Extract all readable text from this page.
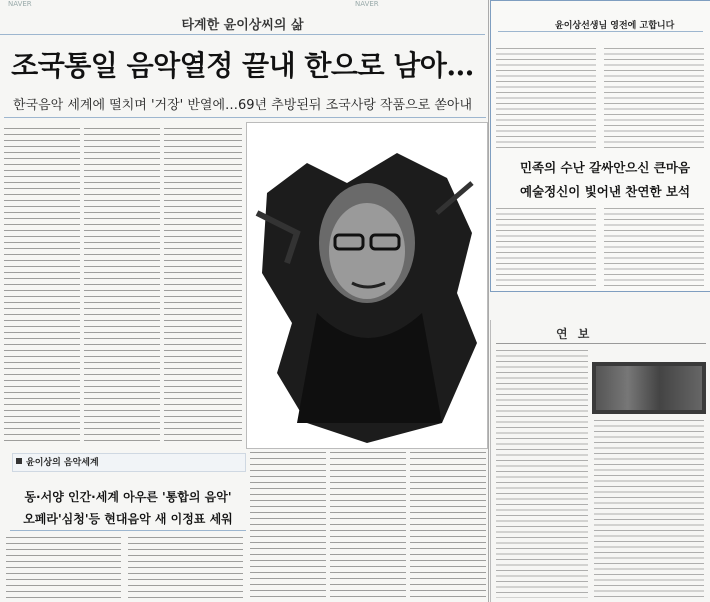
NAVER	NAVER
타계한 윤이상씨의 삶
조국통일 음악열정 끝내 한으로 남아…
한국음악 세계에 떨치며 '거장' 반열에…69년 추방된뒤 조국사랑 작품으로 쏟아내
윤이상선생님 영전에 고합니다
민족의 수난 갈싸안으신 큰마음
예술정신이 빛어낸 찬연한 보석
연 보
윤이상의 음악세계
동·서양 인간·세계 아우른 '통합의 음악'
오페라'심청'등 현대음악 새 이정표 세워
